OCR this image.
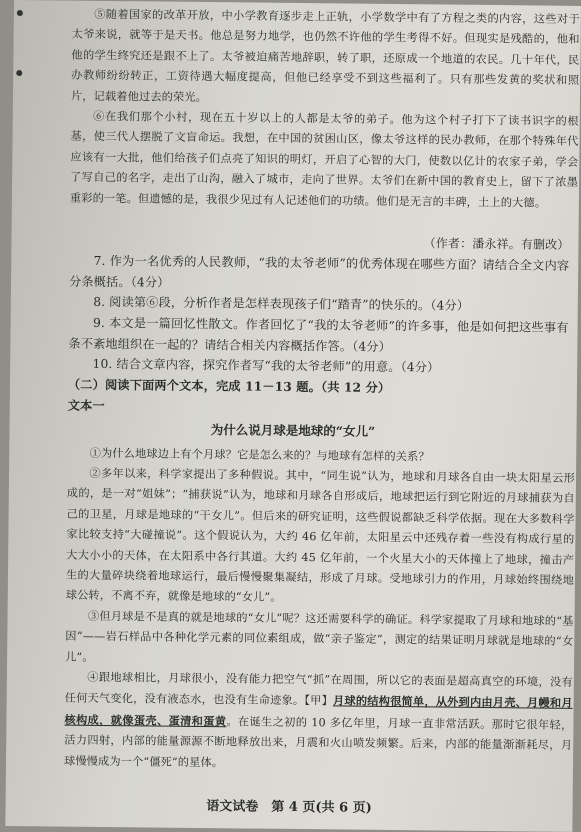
⑤随着国家的改革开放，中小学教育逐步走上正轨，小学数学中有了方程之类的内容，这些对于太爷来说，就等于是天书。他总是努力地学，也仍然不许他的学生考得不好。但现实是残酷的，他和他的学生终究还是跟不上了。太爷被迫痛苦地辞职，转了职，还原成一个地道的农民。几十年代，民办教师纷纷转正，工资待遇大幅度提高，但他已经享受不到这些福利了。只有那些发黄的奖状和照片，记载着他过去的荣光。
⑥在我们那个小村，现在五十岁以上的人都是太爷的弟子。他为这个村子打下了读书识字的根基，使三代人摆脱了文盲命运。我想，在中国的贫困山区，像太爷这样的民办教师，在那个特殊年代应该有一大批，他们给孩子们点亮了知识的明灯，开启了心智的大门，使数以亿计的农家子弟，学会了写自己的名字，走出了山沟，融入了城市，走向了世界。太爷们在新中国的教育史上，留下了浓墨重彩的一笔。但遗憾的是，我很少见过有人记述他们的功绩。他们是无言的丰碑，土上的大德。
（作者：潘永祥。有删改）
7. 作为一名优秀的人民教师，“我的太爷老师”的优秀体现在哪些方面？请结合全文内容分条概括。（4分）
8. 阅读第⑥段，分析作者是怎样表现孩子们“踏青”的快乐的。（4分）
9. 本文是一篇回忆性散文。作者回忆了“我的太爷老师”的许多事，他是如何把这些事有条不紊地组织在一起的？请结合相关内容概括作答。（4分）
10. 结合文章内容，探究作者写“我的太爷老师”的用意。（4分）
（二）阅读下面两个文本，完成 11－13 题。（共 12 分）
文本一
为什么说月球是地球的“女儿”
①为什么地球边上有个月球？它是怎么来的？与地球有怎样的关系？
②多年以来，科学家提出了多种假说。其中，“同生说”认为，地球和月球各自由一块太阳星云形成的，是一对“姐妹”；“捕获说”认为，地球和月球各自形成后，地球把运行到它附近的月球捕获为自己的卫星，月球是地球的“干女儿”。但后来的研究证明，这些假说都缺乏科学依据。现在大多数科学家比较支持“大碰撞说”。这个假说认为，大约 46 亿年前，太阳星云中还残存着一些没有构成行星的大大小小的天体，在太阳系中各行其道。大约 45 亿年前，一个火星大小的天体撞上了地球，撞击产生的大量碎块绕着地球运行，最后慢慢聚集凝结，形成了月球。受地球引力的作用，月球始终围绕地球公转，不离不弃，就像是地球的“女儿”。
③但月球是不是真的就是地球的“女儿”呢？这还需要科学的确证。科学家提取了月球和地球的“基因”——岩石样品中各种化学元素的同位素组成，做“亲子鉴定”，测定的结果证明月球就是地球的“女儿”。
④跟地球相比，月球很小，没有能力把空气“抓”在周围，所以它的表面是超高真空的环境，没有任何天气变化，没有液态水，也没有生命迹象。【甲】月球的结构很简单，从外到内由月壳、月幔和月核构成，就像蛋壳、蛋清和蛋黄。在诞生之初的 10 多亿年里，月球一直非常活跃。那时它很年轻，活力四射，内部的能量源源不断地释放出来，月震和火山喷发频繁。后来，内部的能量渐渐耗尽，月球慢慢成为一个“僵死”的星体。
语文试卷　第 4 页(共 6 页)
